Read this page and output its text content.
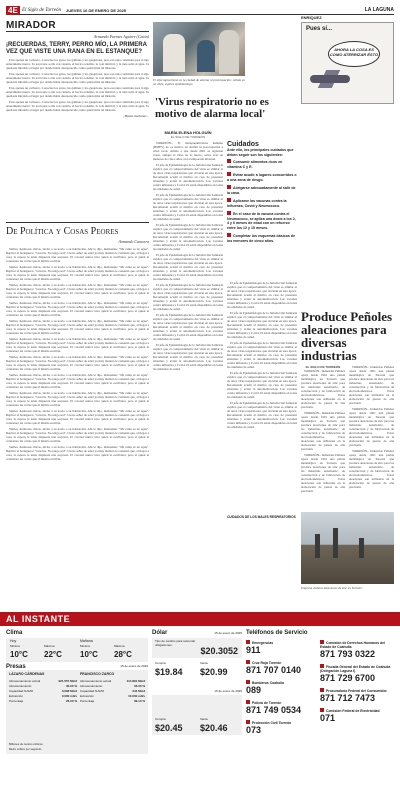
4E El Siglo de Torreón JUEVES 16 DE ENERO DE 2025	LA LAGUNA
MIRADOR
Armando Fuentes Aguirre (Catón)
¡RECUERDAS, TERRY, PERRO MÍO, LA PRIMERA VEZ QUE VISTE UNA RANA EN EL ESTANQUE?

Eras apenas un cachorro. Conocías los gatos, las gallinas y los guajolotes, pero esa rana constituía para ti algo enteramente nuevo. Te acercaste a ella con cautela, el hocico tendido, la cola inmóvil, y la rana saltó al agua. Te quedaste mirando el lugar por donde había desaparecido como quien mira un misterio.

Eras apenas un cachorro. Conocías los gatos, las gallinas y los guajolotes, pero esa rana constituía para ti algo enteramente nuevo. Te acercaste a ella con cautela, el hocico tendido, la cola inmóvil, y la rana saltó al agua. Te quedaste mirando el lugar por donde había desaparecido como quien mira un misterio.

Eras apenas un cachorro. Conocías los gatos, las gallinas y los guajolotes, pero esa rana constituía para ti algo enteramente nuevo. Te acercaste a ella con cautela, el hocico tendido, la cola inmóvil, y la rana saltó al agua. Te quedaste mirando el lugar por donde había desaparecido como quien mira un misterio.

Eras apenas un cachorro. Conocías los gatos, las gallinas y los guajolotes, pero esa rana constituía para ti algo enteramente nuevo. Te acercaste a ella con cautela, el hocico tendido, la cola inmóvil, y la rana saltó al agua. Te quedaste mirando el lugar por donde había desaparecido como quien mira un misterio.

¡Hasta mañana!...
De Política y Cosas Peores
Armando Camorra

Sutiles, hermosas chicas, invita a su novio a su habitación. Ahí le dijo, insinuante: "Mi cama es de agua". Replicó el bodeguero: "Gracias. No tengo sed". Cierto señor de edad ya muy madura le comentó que, al llegar a casa, la esposa le tenía dispuesta una sorpresa. El coronel nunca tuvo quien le escribiera, pero sí quien le contestara las cartas que él mismo escribía.

Sutiles, hermosas chicas, invita a su novio a su habitación. Ahí le dijo, insinuante: "Mi cama es de agua". Replicó el bodeguero: "Gracias. No tengo sed". Cierto señor de edad ya muy madura le comentó que, al llegar a casa, la esposa le tenía dispuesta una sorpresa. El coronel nunca tuvo quien le escribiera, pero sí quien le contestara las cartas que él mismo escribía.

Sutiles, hermosas chicas, invita a su novio a su habitación. Ahí le dijo, insinuante: "Mi cama es de agua". Replicó el bodeguero: "Gracias. No tengo sed". Cierto señor de edad ya muy madura le comentó que, al llegar a casa, la esposa le tenía dispuesta una sorpresa. El coronel nunca tuvo quien le escribiera, pero sí quien le contestara las cartas que él mismo escribía.

Sutiles, hermosas chicas, invita a su novio a su habitación. Ahí le dijo, insinuante: "Mi cama es de agua". Replicó el bodeguero: "Gracias. No tengo sed". Cierto señor de edad ya muy madura le comentó que, al llegar a casa, la esposa le tenía dispuesta una sorpresa. El coronel nunca tuvo quien le escribiera, pero sí quien le contestara las cartas que él mismo escribía.

Sutiles, hermosas chicas, invita a su novio a su habitación. Ahí le dijo, insinuante: "Mi cama es de agua". Replicó el bodeguero: "Gracias. No tengo sed". Cierto señor de edad ya muy madura le comentó que, al llegar a casa, la esposa le tenía dispuesta una sorpresa. El coronel nunca tuvo quien le escribiera, pero sí quien le contestara las cartas que él mismo escribía.

Sutiles, hermosas chicas, invita a su novio a su habitación. Ahí le dijo, insinuante: "Mi cama es de agua". Replicó el bodeguero: "Gracias. No tengo sed". Cierto señor de edad ya muy madura le comentó que, al llegar a casa, la esposa le tenía dispuesta una sorpresa. El coronel nunca tuvo quien le escribiera, pero sí quien le contestara las cartas que él mismo escribía.

Sutiles, hermosas chicas, invita a su novio a su habitación. Ahí le dijo, insinuante: "Mi cama es de agua". Replicó el bodeguero: "Gracias. No tengo sed". Cierto señor de edad ya muy madura le comentó que, al llegar a casa, la esposa le tenía dispuesta una sorpresa. El coronel nunca tuvo quien le escribiera, pero sí quien le contestara las cartas que él mismo escribía.

Sutiles, hermosas chicas, invita a su novio a su habitación. Ahí le dijo, insinuante: "Mi cama es de agua". Replicó el bodeguero: "Gracias. No tengo sed". Cierto señor de edad ya muy madura le comentó que, al llegar a casa, la esposa le tenía dispuesta una sorpresa. El coronel nunca tuvo quien le escribiera, pero sí quien le contestara las cartas que él mismo escribía.

Sutiles, hermosas chicas, invita a su novio a su habitación. Ahí le dijo, insinuante: "Mi cama es de agua". Replicó el bodeguero: "Gracias. No tengo sed". Cierto señor de edad ya muy madura le comentó que, al llegar a casa, la esposa le tenía dispuesta una sorpresa. El coronel nunca tuvo quien le escribiera, pero sí quien le contestara las cartas que él mismo escribía.

Sutiles, hermosas chicas, invita a su novio a su habitación. Ahí le dijo, insinuante: "Mi cama es de agua". Replicó el bodeguero: "Gracias. No tengo sed". Cierto señor de edad ya muy madura le comentó que, al llegar a casa, la esposa le tenía dispuesta una sorpresa. El coronel nunca tuvo quien le escribiera, pero sí quien le contestara las cartas que él mismo escribía.

Sutiles, hermosas chicas, invita a su novio a su habitación. Ahí le dijo, insinuante: "Mi cama es de agua". Replicó el bodeguero: "Gracias. No tengo sed". Cierto señor de edad ya muy madura le comentó que, al llegar a casa, la esposa le tenía dispuesta una sorpresa. El coronel nunca tuvo quien le escribiera, pero sí quien le contestara las cartas que él mismo escribía.

Sutiles, hermosas chicas, invita a su novio a su habitación. Ahí le dijo, insinuante: "Mi cama es de agua". Replicó el bodeguero: "Gracias. No tengo sed". Cierto señor de edad ya muy madura le comentó que, al llegar a casa, la esposa le tenía dispuesta una sorpresa. El coronel nunca tuvo quien le escribiera, pero sí quien le contestara las cartas que él mismo escribía.

El infectopicarismo en la ciudad de alarma ni preocupación: señala en un 2024, explica epidemiólogo.
'Virus respiratorio no es motivo de alarma local'
MARÍA ELENA HOLGUÍN
EL SIGLO DE TORREÓN

TORREÓN.- El metapneumovirus humano (HMPV) no es motivo de alarma ni preocupación a nivel local, debido a que desde 2001 se registran casos, aunque el virus no es nuevo, sobre todo en menores de cinco años, en la temporada invernal.

El jefe de Epidemiología de la Jurisdicción Sanitaria explicó que el comportamiento del virus es similar al de otros virus respiratorios que circulan en esta época. Recomendó acudir al médico en caso de presentar síntomas y evitar la automedicación. Las vacunas contra influenza y Covid-19 están disponibles en todas las unidades de salud.

El jefe de Epidemiología de la Jurisdicción Sanitaria explicó que el comportamiento del virus es similar al de otros virus respiratorios que circulan en esta época. Recomendó acudir al médico en caso de presentar síntomas y evitar la automedicación. Las vacunas contra influenza y Covid-19 están disponibles en todas las unidades de salud.

El jefe de Epidemiología de la Jurisdicción Sanitaria explicó que el comportamiento del virus es similar al de otros virus respiratorios que circulan en esta época. Recomendó acudir al médico en caso de presentar síntomas y evitar la automedicación. Las vacunas contra influenza y Covid-19 están disponibles en todas las unidades de salud.

El jefe de Epidemiología de la Jurisdicción Sanitaria explicó que el comportamiento del virus es similar al de otros virus respiratorios que circulan en esta época. Recomendó acudir al médico en caso de presentar síntomas y evitar la automedicación. Las vacunas contra influenza y Covid-19 están disponibles en todas las unidades de salud.

El jefe de Epidemiología de la Jurisdicción Sanitaria explicó que el comportamiento del virus es similar al de otros virus respiratorios que circulan en esta época. Recomendó acudir al médico en caso de presentar síntomas y evitar la automedicación. Las vacunas contra influenza y Covid-19 están disponibles en todas las unidades de salud.

El jefe de Epidemiología de la Jurisdicción Sanitaria explicó que el comportamiento del virus es similar al de otros virus respiratorios que circulan en esta época. Recomendó acudir al médico en caso de presentar síntomas y evitar la automedicación. Las vacunas contra influenza y Covid-19 están disponibles en todas las unidades de salud.

El jefe de Epidemiología de la Jurisdicción Sanitaria explicó que el comportamiento del virus es similar al de otros virus respiratorios que circulan en esta época. Recomendó acudir al médico en caso de presentar síntomas y evitar la automedicación. Las vacunas contra influenza y Covid-19 están disponibles en todas las unidades de salud.

El jefe de Epidemiología de la Jurisdicción Sanitaria explicó que el comportamiento del virus es similar al de otros virus respiratorios que circulan en esta época. Recomendó acudir al médico en caso de presentar síntomas y evitar la automedicación. Las vacunas contra influenza y Covid-19 están disponibles en todas las unidades de salud.

El jefe de Epidemiología de la Jurisdicción Sanitaria explicó que el comportamiento del virus es similar al de otros virus respiratorios que circulan en esta época. Recomendó acudir al médico en caso de presentar síntomas y evitar la automedicación. Las vacunas contra influenza y Covid-19 están disponibles en todas las unidades de salud.

El jefe de Epidemiología de la Jurisdicción Sanitaria explicó que el comportamiento del virus es similar al de otros virus respiratorios que circulan en esta época. Recomendó acudir al médico en caso de presentar síntomas y evitar la automedicación. Las vacunas contra influenza y Covid-19 están disponibles en todas las unidades de salud.

El jefe de Epidemiología de la Jurisdicción Sanitaria explicó que el comportamiento del virus es similar al de otros virus respiratorios que circulan en esta época. Recomendó acudir al médico en caso de presentar síntomas y evitar la automedicación. Las vacunas contra influenza y Covid-19 están disponibles en todas las unidades de salud.

El jefe de Epidemiología de la Jurisdicción Sanitaria explicó que el comportamiento del virus es similar al de otros virus respiratorios que circulan en esta época. Recomendó acudir al médico en caso de presentar síntomas y evitar la automedicación. Las vacunas contra influenza y Covid-19 están disponibles en todas las unidades de salud.

Cuidados
Ante ello, los principales cuidados que deben seguir son los siguientes:
Consumir alimentos ricos en vitamina C y E.
Evitar acudir a lugares concurridos o a una zona de riesgo.
Abrigarse adecuadamente al salir de la casa.
Aplicarse las vacunas contra la Influenza, Covid y Neumococo.
En el caso de la vacuna contra el Neumococo, se aplica una dosis a los 2, 4 y 6 meses de edad con un refuerzo entre los 12 y 15 meses.
Completar los esquemas básicos de los menores de cinco años.
CUIDADOS DE LOS MALES RESPIRATORIOS
ENRÍQUEZ
Pues sí...
AHORA LA COSA ES COMO ATERRIZAR ÉSTO
Produce Peñoles aleaciones para diversas industrias
EL SIGLO DE TORREÓN

TORREÓN.- Industrias Peñoles opera desde 1961 una planta metalúrgica en Torreón que produce aleaciones de zinc para las industrias automotriz, de construcción y de fabricación de electrodomésticos. Estas aleaciones son utilizadas en la elaboración de piezas de alta precisión.

TORREÓN.- Industrias Peñoles opera desde 1961 una planta metalúrgica en Torreón que produce aleaciones de zinc para las industrias automotriz, de construcción y de fabricación de electrodomésticos. Estas aleaciones son utilizadas en la elaboración de piezas de alta precisión.

TORREÓN.- Industrias Peñoles opera desde 1961 una planta metalúrgica en Torreón que produce aleaciones de zinc para las industrias automotriz, de construcción y de fabricación de electrodomésticos. Estas aleaciones son utilizadas en la elaboración de piezas de alta precisión.

TORREÓN.- Industrias Peñoles opera desde 1961 una planta metalúrgica en Torreón que produce aleaciones de zinc para las industrias automotriz, de construcción y de fabricación de electrodomésticos. Estas aleaciones son utilizadas en la elaboración de piezas de alta precisión.

TORREÓN.- Industrias Peñoles opera desde 1961 una planta metalúrgica en Torreón que produce aleaciones de zinc para las industrias automotriz, de construcción y de fabricación de electrodomésticos. Estas aleaciones son utilizadas en la elaboración de piezas de alta precisión.

TORREÓN.- Industrias Peñoles opera desde 1961 una planta metalúrgica en Torreón que produce aleaciones de zinc para las industrias automotriz, de construcción y de fabricación de electrodomésticos. Estas aleaciones son utilizadas en la elaboración de piezas de alta precisión.

Empresa elabora aleaciones de zinc en Torreón.
AL INSTANTE
Clima
Hoy	Mañana
Mínima	Máxima	Mínima	Máxima
10°C 22°C 10°C 28°C
Presas	15 de enero de 2025
LÁZARO CÁRDENAS	FRANCISCO ZARCO
Almacenamiento actual	921.557 Mm3
Almacenamiento	30.00 %
Capacidad NAMO	3,096 Mm3
Extracción	0.000 m3/s
Porcentaje	26.00 %
Almacenamiento actual	114.891 Mm3
Almacenamiento	33.00 %
Capacidad NAMO	344 Mm3
Extracción	10.000 m3/s
Porcentaje	39.10 %
Millones de metros cúbicos
Metro cúbico por segundo
Dólar	15 de enero de 2025
Tipo de cambio para solventar obligaciones:
$20.3052
Compra	Venta
$19.84 $20.99
16 de enero de 2025
Compra	Venta
$20.45 $20.46
Teléfonos de Servicio
Emergencias
911
Cruz Roja Torreón
871 707 0140
Bomberos Coahuila
089
Policía de Torreón
871 749 0534
Protección Civil Torreón
073
Comisión de Derechos Humanos del Estado de Coahuila
871 793 0322
Fiscalía General del Estado de Coahuila (Delegación Laguna I)
871 729 6700
Procuraduría Federal del Consumidor
871 712 7473
Comisión Federal de Electricidad
071
